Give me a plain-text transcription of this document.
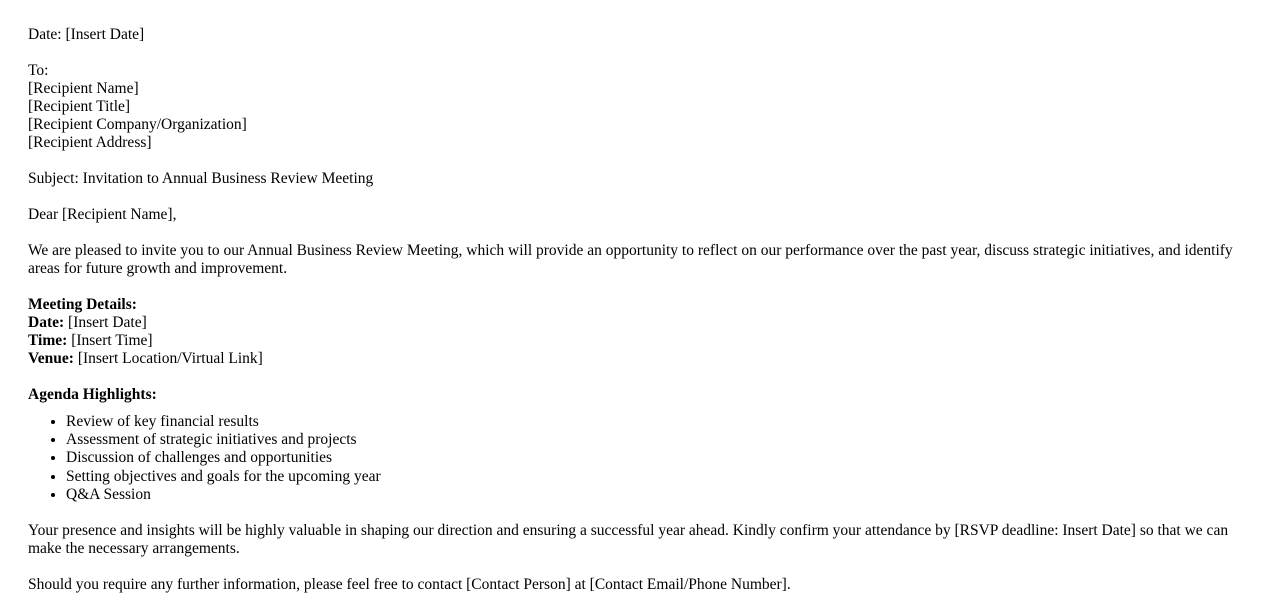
Date: [Insert Date]

To:

[Recipient Name]

[Recipient Title]

[Recipient Company/Organization]

[Recipient Address]

Subject: Invitation to Annual Business Review Meeting

Dear [Recipient Name],

We are pleased to invite you to our Annual Business Review Meeting, which will provide an opportunity to reflect on our performance over the past year, discuss strategic initiatives, and identify areas for future growth and improvement.

Meeting Details:

Date: [Insert Date]

Time: [Insert Time]

Venue: [Insert Location/Virtual Link]

Agenda Highlights:

• Review of key financial results
• Assessment of strategic initiatives and projects
• Discussion of challenges and opportunities
• Setting objectives and goals for the upcoming year
• Q&A Session

Your presence and insights will be highly valuable in shaping our direction and ensuring a successful year ahead. Kindly confirm your attendance by [RSVP deadline: Insert Date] so that we can make the necessary arrangements.

Should you require any further information, please feel free to contact [Contact Person] at [Contact Email/Phone Number].
